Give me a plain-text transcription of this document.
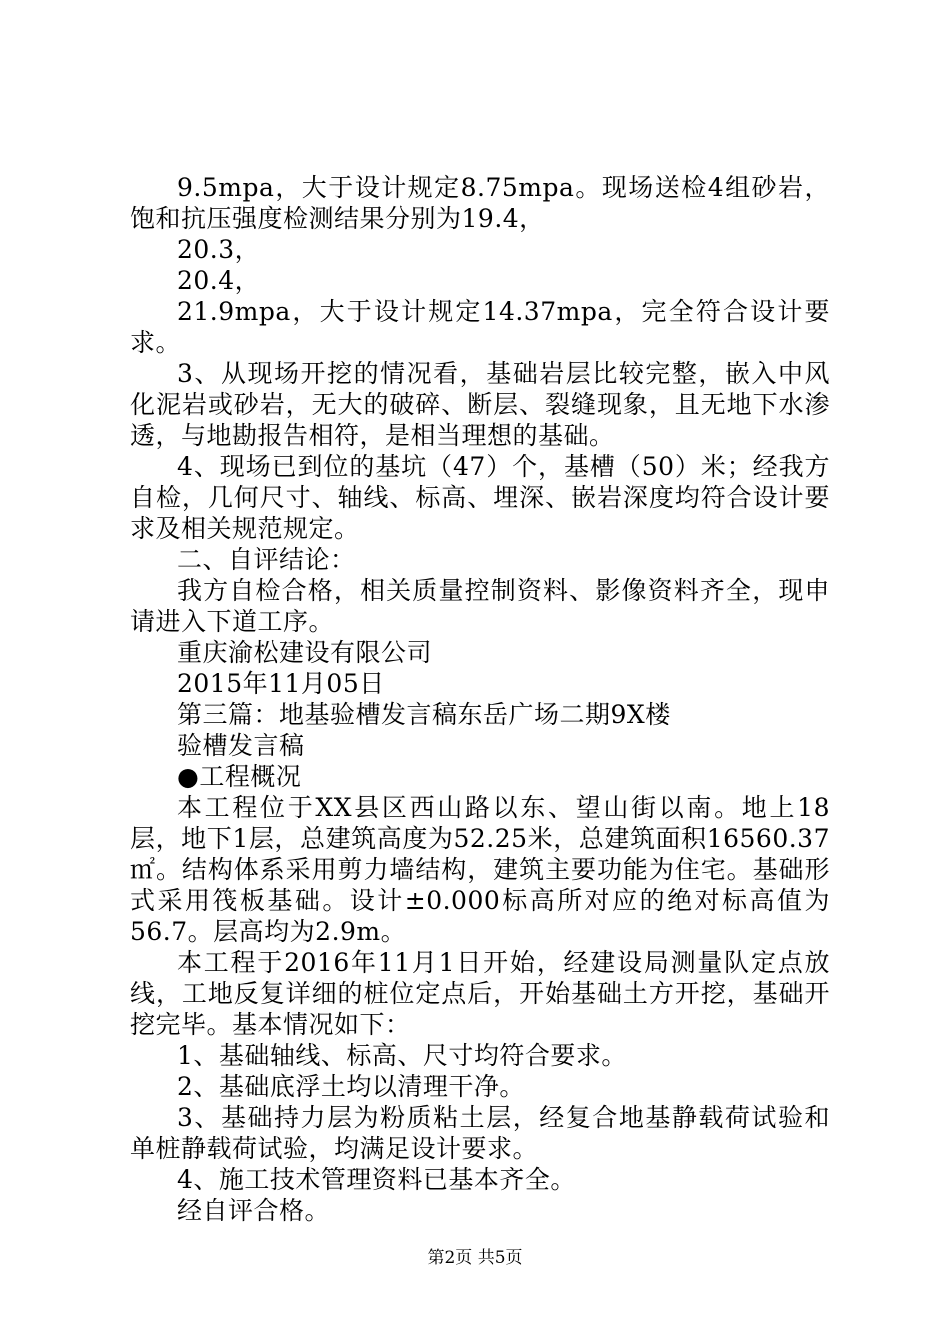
9.5mpa，大于设计规定8.75mpa。现场送检4组砂岩，饱和抗压强度检测结果分别为19.4，

20.3，

20.4，

21.9mpa，大于设计规定14.37mpa，完全符合设计要求。

3、从现场开挖的情况看，基础岩层比较完整，嵌入中风化泥岩或砂岩，无大的破碎、断层、裂缝现象，且无地下水渗透，与地勘报告相符，是相当理想的基础。

4、现场已到位的基坑（47）个，基槽（50）米；经我方自检，几何尺寸、轴线、标高、埋深、嵌岩深度均符合设计要求及相关规范规定。

二、自评结论：

我方自检合格，相关质量控制资料、影像资料齐全，现申请进入下道工序。

重庆渝松建设有限公司

2015年11月05日

第三篇：地基验槽发言稿东岳广场二期9X楼

验槽发言稿

●工程概况

本工程位于XX县区西山路以东、望山街以南。地上18层，地下1层，总建筑高度为52.25米，总建筑面积16560.37㎡。结构体系采用剪力墙结构，建筑主要功能为住宅。基础形式采用筏板基础。设计±0.000标高所对应的绝对标高值为56.7。层高均为2.9m。

本工程于2016年11月1日开始，经建设局测量队定点放线，工地反复详细的桩位定点后，开始基础土方开挖，基础开挖完毕。基本情况如下：

1、基础轴线、标高、尺寸均符合要求。

2、基础底浮土均以清理干净。

3、基础持力层为粉质粘土层，经复合地基静载荷试验和单桩静载荷试验，均满足设计要求。

4、施工技术管理资料已基本齐全。

经自评合格。

第2页 共5页
